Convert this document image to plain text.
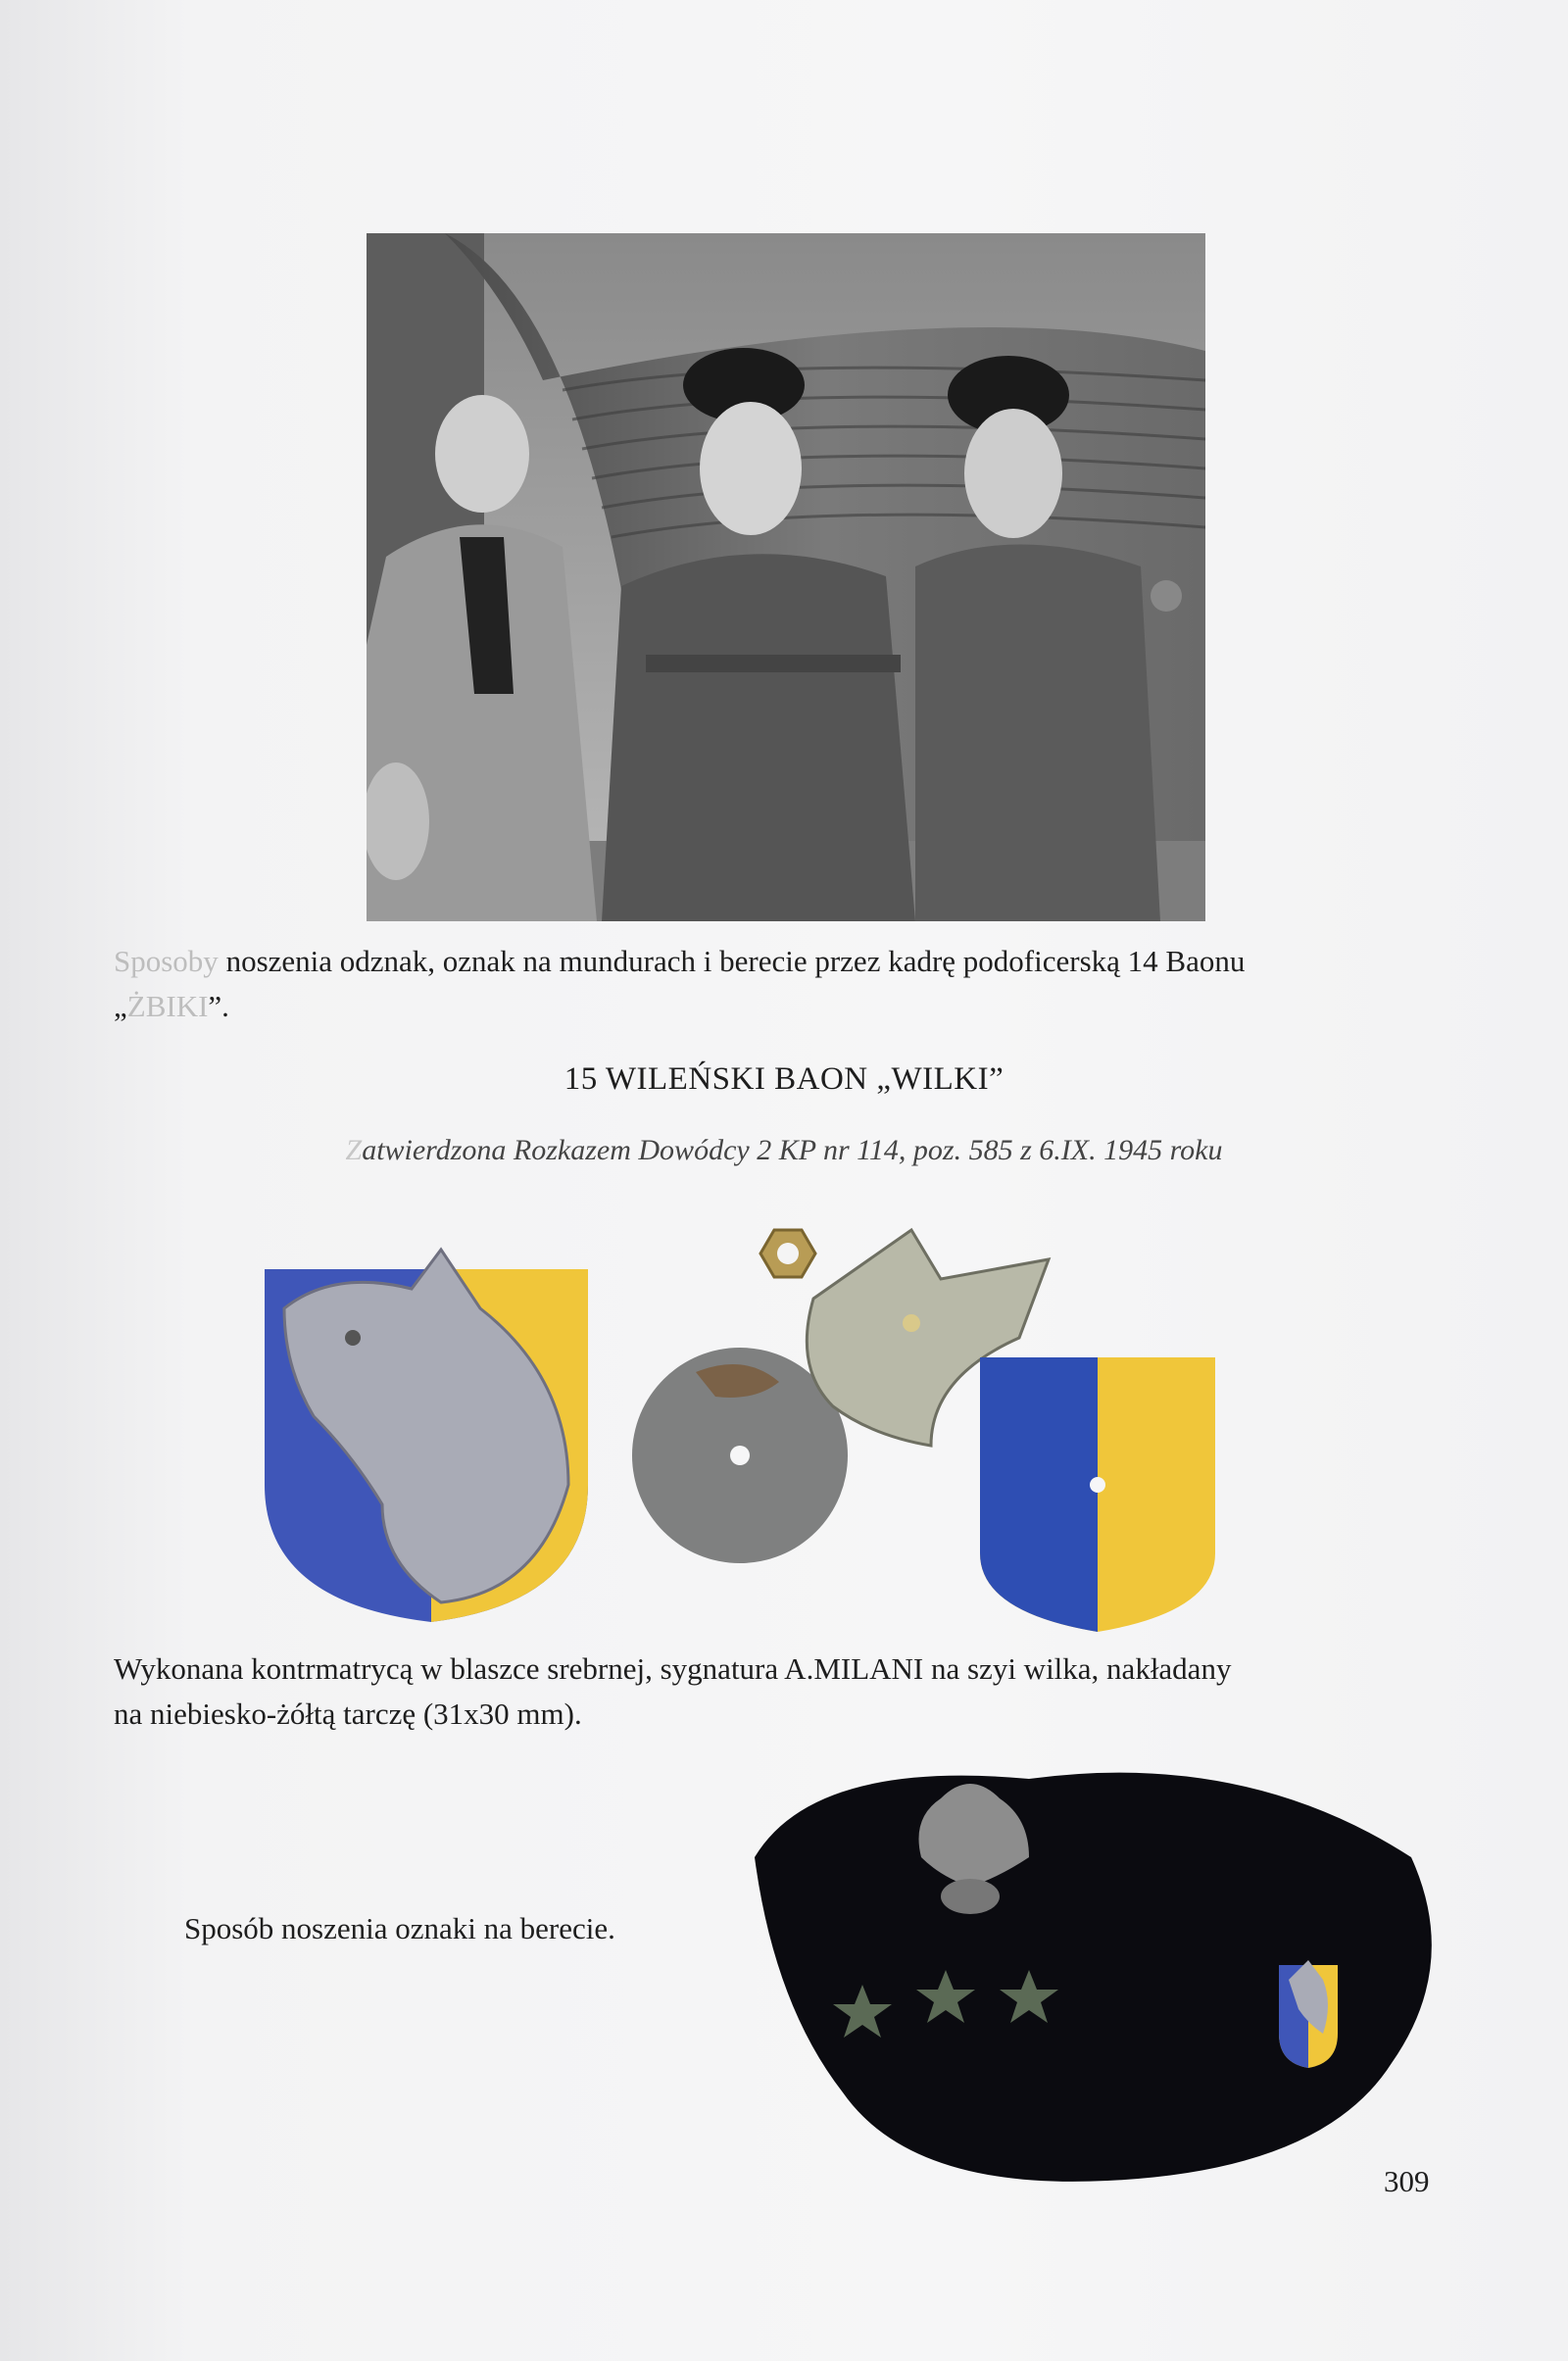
Sposoby noszenia odznak, oznak na mundurach i berecie przez kadrę podoficerską 14 Baonu
„ŻBIKI”.
15 WILEŃSKI BAON „WILKI”
Zatwierdzona Rozkazem Dowódcy 2 KP nr 114, poz. 585 z 6.IX. 1945 roku
Wykonana kontrmatrycą w blaszce srebrnej, sygnatura A.MILANI na szyi wilka, nakładany
na niebiesko-żółtą tarczę (31x30 mm).
Sposób noszenia oznaki na berecie.
309
